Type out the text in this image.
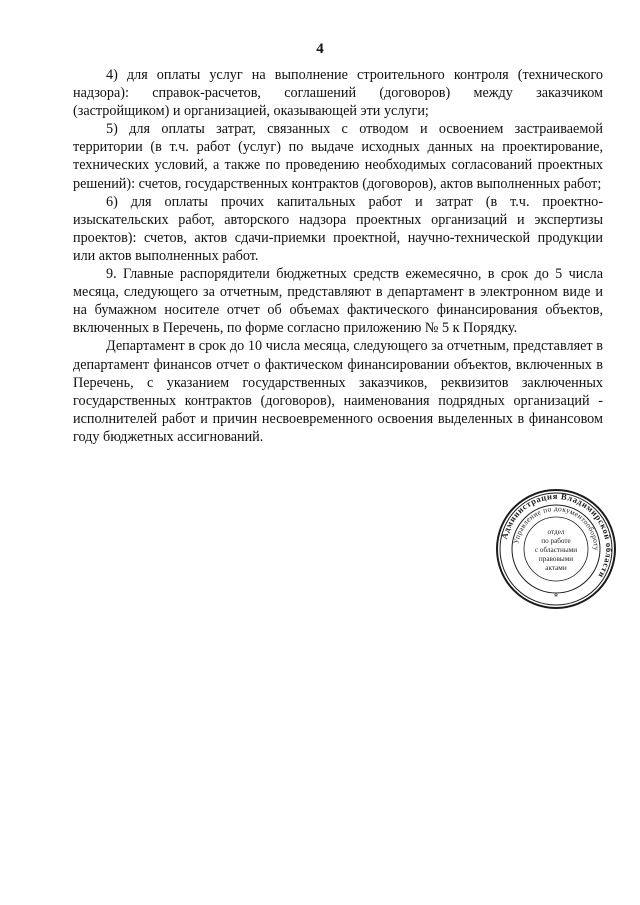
4

4) для оплаты услуг на выполнение строительного контроля (технического надзора): справок-расчетов, соглашений (договоров) между заказчиком (застройщиком) и организацией, оказывающей эти услуги;

5) для оплаты затрат, связанных с отводом и освоением застраиваемой территории (в т.ч. работ (услуг) по выдаче исходных данных на проектирование, технических условий, а также по проведению необходимых согласований проектных решений): счетов, государственных контрактов (договоров), актов выполненных работ;

6) для оплаты прочих капитальных работ и затрат (в т.ч. проектно-изыскательских работ, авторского надзора проектных организаций и экспертизы проектов): счетов, актов сдачи-приемки проектной, научно-технической продукции или актов выполненных работ.

9. Главные распорядители бюджетных средств ежемесячно, в срок до 5 числа месяца, следующего за отчетным, представляют в департамент в электронном виде и на бумажном носителе отчет об объемах фактического финансирования объектов, включенных в Перечень, по форме согласно приложению № 5 к Порядку.

Департамент в срок до 10 числа месяца, следующего за отчетным, представляет в департамент финансов отчет о фактическом финансировании объектов, включенных в Перечень, с указанием государственных заказчиков, реквизитов заключенных государственных контрактов (договоров), наименования подрядных организаций - исполнителей работ и причин несвоевременного освоения выделенных в финансовом году бюджетных ассигнований.

Администрация Владимирской области
Управление по документообороту
отдел
по работе
с областными
правовыми
актами
*
